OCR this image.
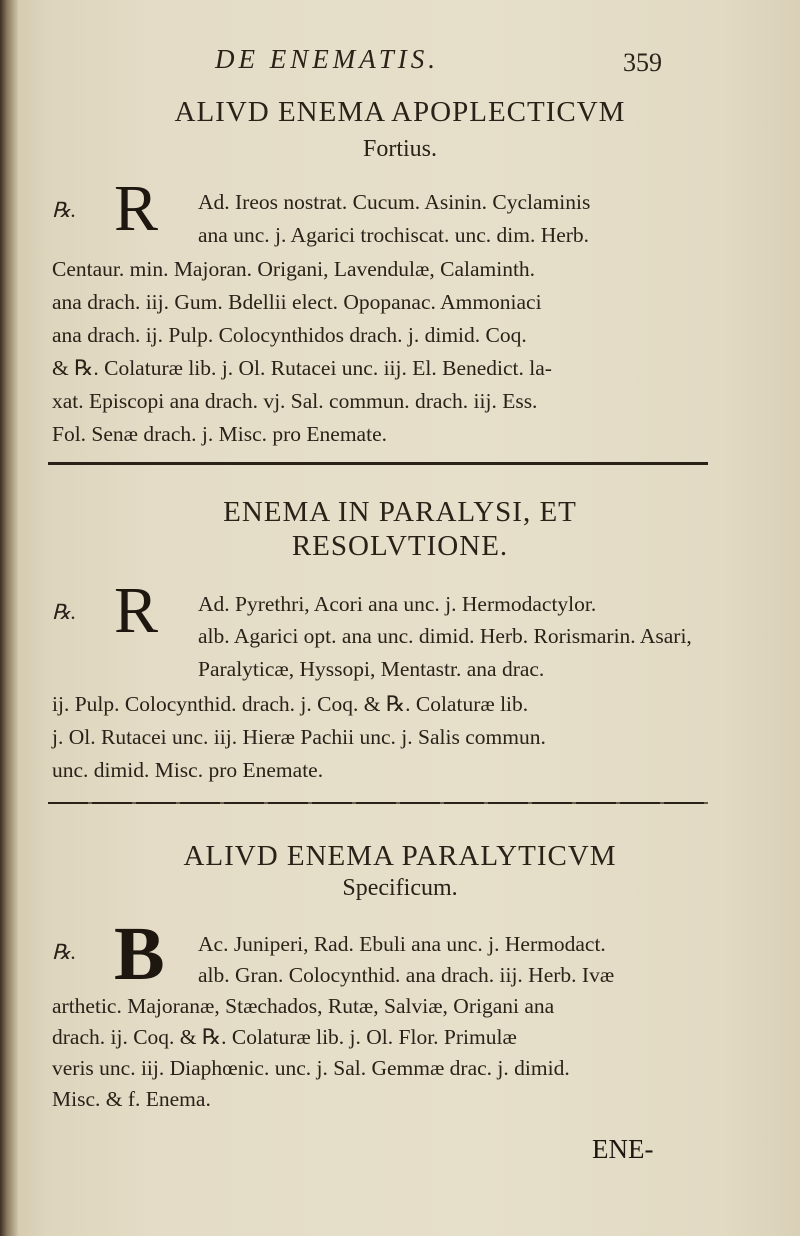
DE ENEMATIS.	359
ALIVD ENEMA APOPLECTICVM
Fortius.
℞. R Ad. Ireos nostrat. Cucum. Asinin. Cyclaminis
ana unc. j. Agarici trochiscat. unc. dim. Herb.
Centaur. min. Majoran. Origani, Lavendulæ, Calaminth.
ana drach. iij. Gum. Bdellii elect. Opopanac. Ammoniaci
ana drach. ij. Pulp. Colocynthidos drach. j. dimid. Coq.
& ℞. Colaturæ lib. j. Ol. Rutacei unc. iij. El. Benedict. la-
xat. Episcopi ana drach. vj. Sal. commun. drach. iij. Ess.
Fol. Senæ drach. j. Misc. pro Enemate.
ENEMA IN PARALYSI, ET
RESOLVTIONE.
℞. R Ad. Pyrethri, Acori ana unc. j. Hermodactylor.
alb. Agarici opt. ana unc. dimid. Herb. Rorismarin. Asari, Paralyticæ, Hyssopi, Mentastr. ana drac.
ij. Pulp. Colocynthid. drach. j. Coq. & ℞. Colaturæ lib.
j. Ol. Rutacei unc. iij. Hieræ Pachii unc. j. Salis commun.
unc. dimid. Misc. pro Enemate.
ALIVD ENEMA PARALYTICVM
Specificum.
℞. B Ac. Juniperi, Rad. Ebuli ana unc. j. Hermodact.
alb. Gran. Colocynthid. ana drach. iij. Herb. Ivæ
arthetic. Majoranæ, Stæchados, Rutæ, Salviæ, Origani ana
drach. ij. Coq. & ℞. Colaturæ lib. j. Ol. Flor. Primulæ
veris unc. iij. Diaphœnic. unc. j. Sal. Gemmæ drac. j. dimid.
Misc. & f. Enema.
ENE-
